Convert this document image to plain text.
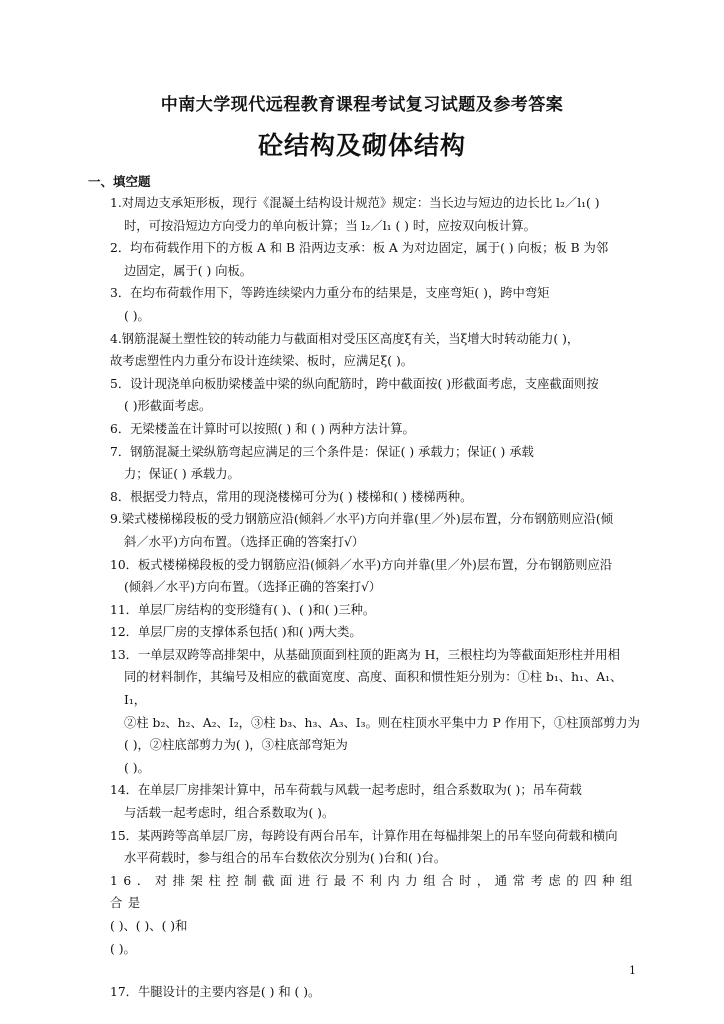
中南大学现代远程教育课程考试复习试题及参考答案
砼结构及砌体结构
一、填空题
1.对周边支承矩形板，现行《混凝土结构设计规范》规定：当长边与短边的边长比 l₂／l₁( )
时，可按沿短边方向受力的单向板计算；当 l₂／l₁ ( ) 时，应按双向板计算。
2．均布荷载作用下的方板 A 和 B 沿两边支承：板 A 为对边固定，属于( ) 向板；板 B 为邻
边固定，属于( ) 向板。
3．在均布荷载作用下，等跨连续梁内力重分布的结果是，支座弯矩( )，跨中弯矩
( )。
4.钢筋混凝土塑性铰的转动能力与截面相对受压区高度ξ有关，当ξ增大时转动能力( )，
故考虑塑性内力重分布设计连续梁、板时，应满足ξ( )。
5．设计现浇单向板肋梁楼盖中梁的纵向配筋时，跨中截面按( )形截面考虑，支座截面则按
( )形截面考虑。
6．无梁楼盖在计算时可以按照( ) 和 ( ) 两种方法计算。
7．钢筋混凝土梁纵筋弯起应满足的三个条件是：保证( ) 承载力；保证( ) 承载
力；保证( ) 承载力。
8．根据受力特点，常用的现浇楼梯可分为( ) 楼梯和( ) 楼梯两种。
9.梁式楼梯梯段板的受力钢筋应沿(倾斜／水平)方向并靠(里／外)层布置，分布钢筋则应沿(倾
斜／水平)方向布置。（选择正确的答案打√）
10．板式楼梯梯段板的受力钢筋应沿(倾斜／水平)方向并靠(里／外)层布置，分布钢筋则应沿
(倾斜／水平)方向布置。（选择正确的答案打√）
11．单层厂房结构的变形缝有( )、( )和( )三种。
12．单层厂房的支撑体系包括( )和( )两大类。
13．一单层双跨等高排架中，从基础顶面到柱顶的距离为 H，三根柱均为等截面矩形柱并用相
同的材料制作，其编号及相应的截面宽度、高度、面积和惯性矩分别为：①柱 b₁、h₁、A₁、I₁，
②柱 b₂、h₂、A₂、I₂，③柱 b₃、h₃、A₃、I₃。则在柱顶水平集中力 P 作用下，①柱顶部剪力为
( )，②柱底部剪力为( )，③柱底部弯矩为
( )。
14．在单层厂房排架计算中，吊车荷载与风载一起考虑时，组合系数取为( )；吊车荷载
与活载一起考虑时，组合系数取为( )。
15．某两跨等高单层厂房，每跨设有两台吊车，计算作用在每榀排架上的吊车竖向荷载和横向
水平荷载时，参与组合的吊车台数依次分别为( )台和( )台。
16．对排架柱控制截面进行最不利内力组合时，通常考虑的四种组合是
( )、( )、( )和
( )。
17．牛腿设计的主要内容是( ) 和 ( )。
1
